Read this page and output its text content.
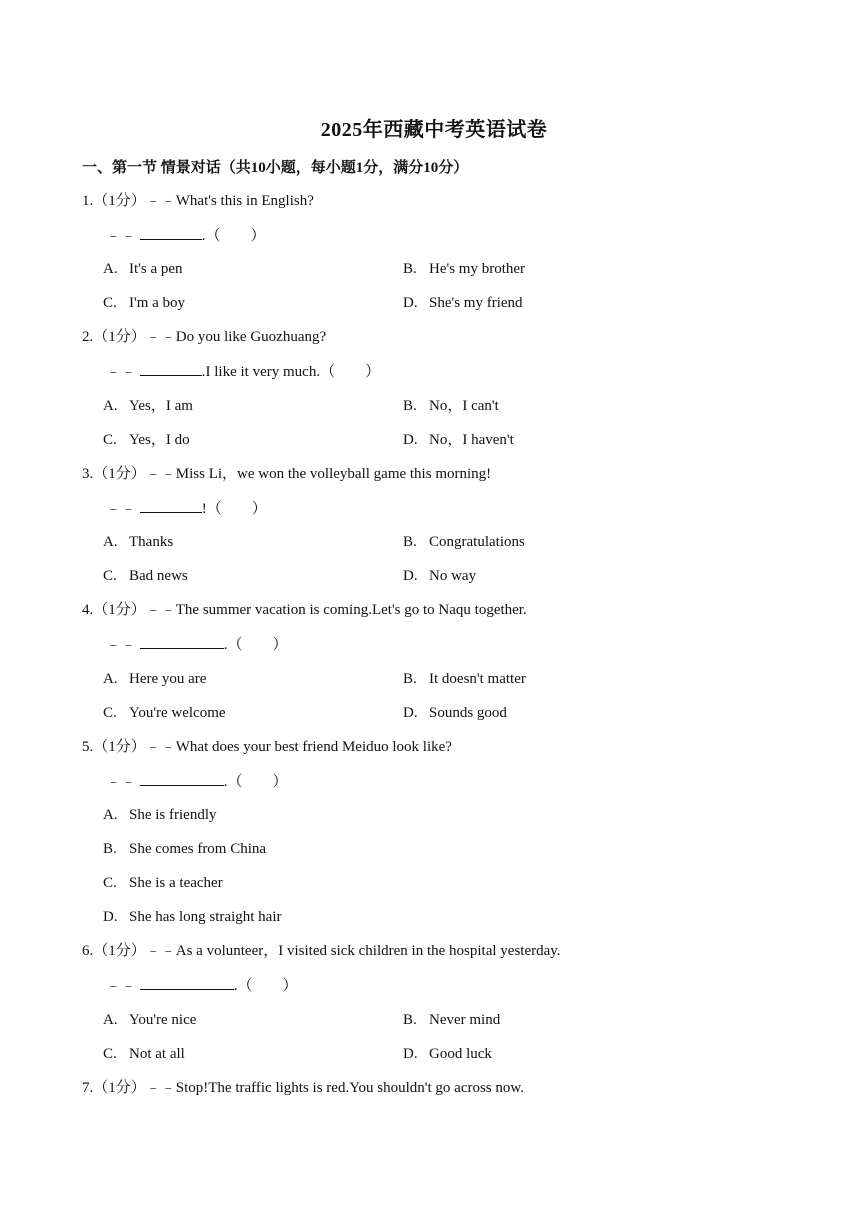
2025年西藏中考英语试卷
一、第一节 情景对话（共10小题，每小题1分，满分10分）
1.（1分）﹣﹣What's this in English?
﹣﹣	.（　　）
A. It's a pen	B. He's my brother
C. I'm a boy	D. She's my friend
2.（1分）﹣﹣Do you like Guozhuang?
﹣﹣	.I like it very much.（　　）
A. Yes，I am	B. No，I can't
C. Yes，I do	D. No，I haven't
3.（1分）﹣﹣Miss Li，we won the volleyball game this morning!
﹣﹣	!（　　）
A. Thanks	B. Congratulations
C. Bad news	D. No way
4.（1分）﹣﹣The summer vacation is coming.Let's go to Naqu together.
﹣﹣	.（　　）
A. Here you are	B. It doesn't matter
C. You're welcome	D. Sounds good
5.（1分）﹣﹣What does your best friend Meiduo look like?
﹣﹣	.（　　）
A. She is friendly
B. She comes from China
C. She is a teacher
D. She has long straight hair
6.（1分）﹣﹣As a volunteer，I visited sick children in the hospital yesterday.
﹣﹣	.（　　）
A. You're nice	B. Never mind
C. Not at all	D. Good luck
7.（1分）﹣﹣Stop!The traffic lights is red.You shouldn't go across now.
